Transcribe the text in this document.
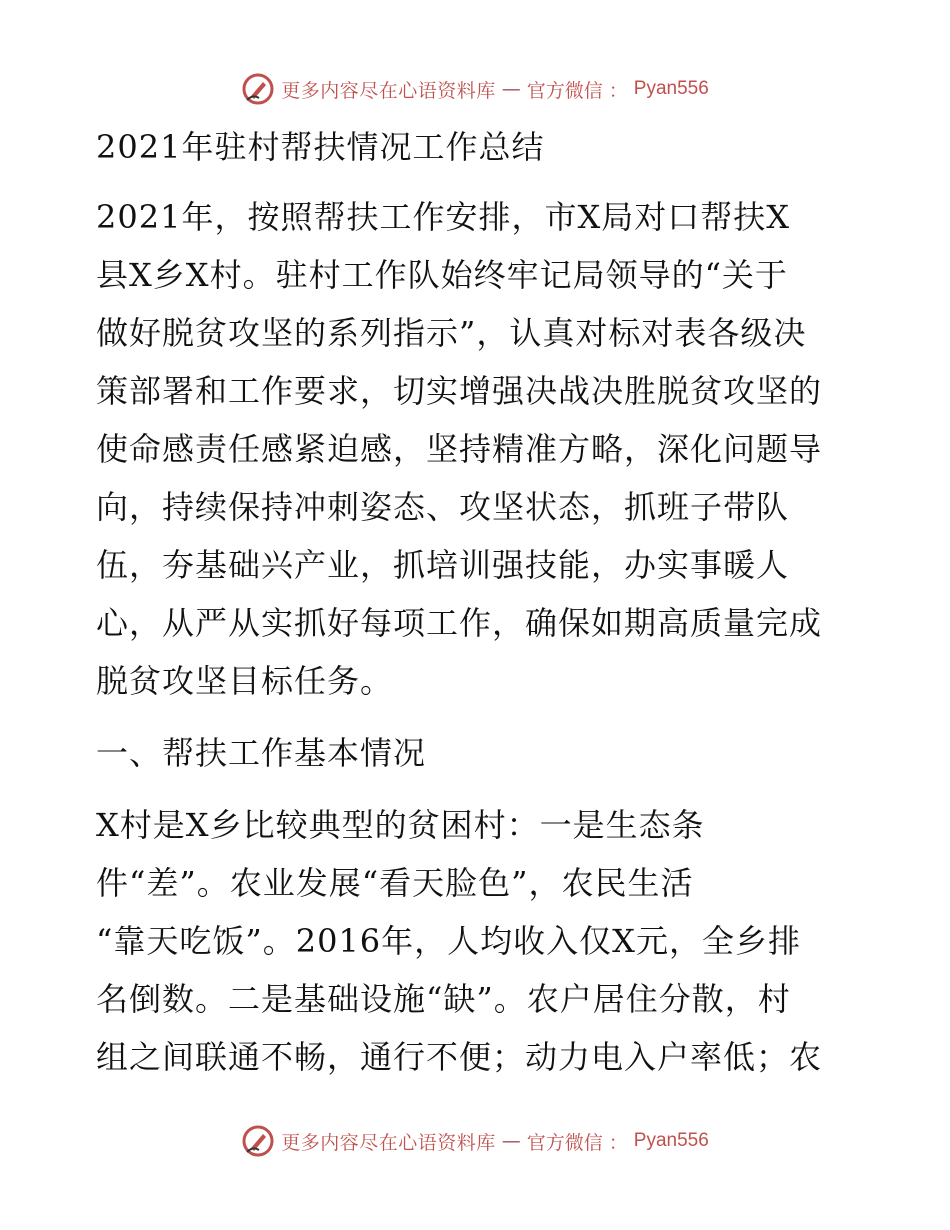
更多内容尽在心语资料库 — 官方微信 ： Pyan556
2021年驻村帮扶情况工作总结
2021年，按照帮扶工作安排，市X局对口帮扶X
县X乡X村。驻村工作队始终牢记局领导的“关于
做好脱贫攻坚的系列指示”，认真对标对表各级决
策部署和工作要求，切实增强决战决胜脱贫攻坚的
使命感责任感紧迫感，坚持精准方略，深化问题导
向，持续保持冲刺姿态、攻坚状态，抓班子带队
伍，夯基础兴产业，抓培训强技能，办实事暖人
心，从严从实抓好每项工作，确保如期高质量完成
脱贫攻坚目标任务。
一、帮扶工作基本情况
X村是X乡比较典型的贫困村：一是生态条
件“差”。农业发展“看天脸色”，农民生活
“靠天吃饭”。2016年，人均收入仅X元，全乡排
名倒数。二是基础设施“缺”。农户居住分散，村
组之间联通不畅，通行不便；动力电入户率低；农
更多内容尽在心语资料库 — 官方微信 ： Pyan556
